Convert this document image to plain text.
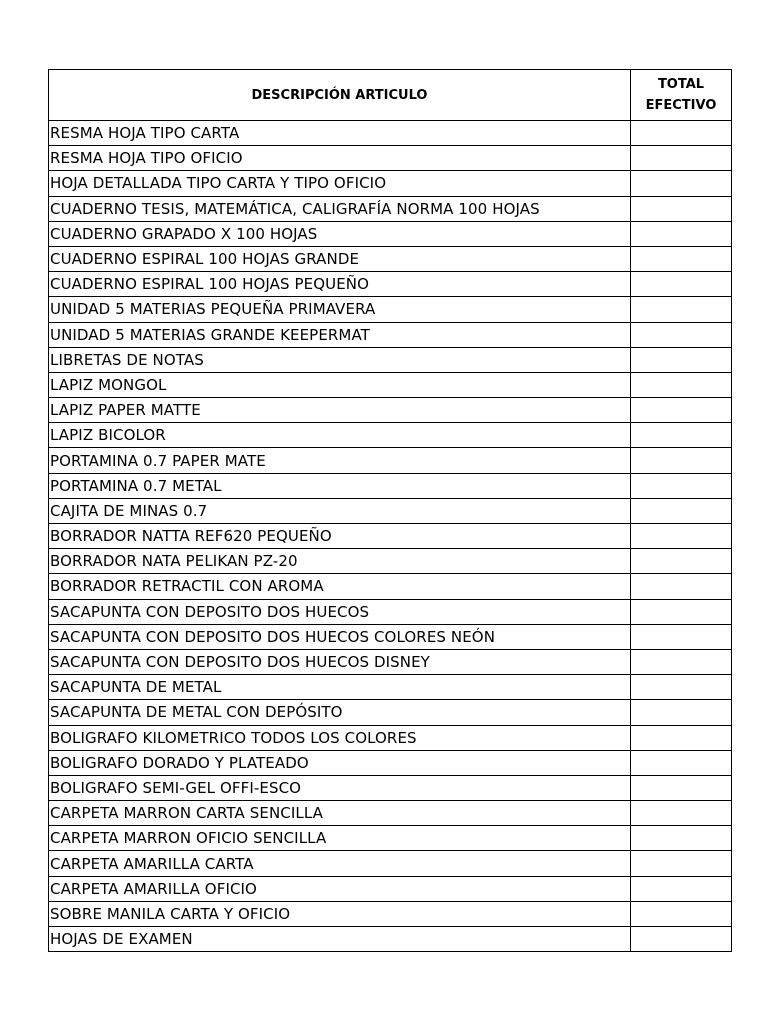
DESCRIPCIÓN ARTICULO	TOTAL
EFECTIVO

RESMA HOJA TIPO CARTA	
RESMA HOJA TIPO OFICIO	
HOJA DETALLADA TIPO CARTA Y TIPO OFICIO	
CUADERNO TESIS, MATEMÁTICA, CALIGRAFÍA NORMA 100 HOJAS	
CUADERNO GRAPADO X 100 HOJAS	
CUADERNO ESPIRAL 100 HOJAS GRANDE	
CUADERNO ESPIRAL 100 HOJAS PEQUEÑO	
UNIDAD 5 MATERIAS PEQUEÑA PRIMAVERA	
UNIDAD 5 MATERIAS GRANDE KEEPERMAT	
LIBRETAS DE NOTAS	
LAPIZ MONGOL	
LAPIZ PAPER MATTE	
LAPIZ BICOLOR	
PORTAMINA 0.7 PAPER MATE	
PORTAMINA 0.7 METAL	
CAJITA DE MINAS 0.7	
BORRADOR NATTA REF620 PEQUEÑO	
BORRADOR NATA PELIKAN PZ-20	
BORRADOR RETRACTIL CON AROMA	
SACAPUNTA CON DEPOSITO DOS HUECOS	
SACAPUNTA CON DEPOSITO DOS HUECOS COLORES NEÓN	
SACAPUNTA CON DEPOSITO DOS HUECOS DISNEY	
SACAPUNTA DE METAL	
SACAPUNTA DE METAL CON DEPÓSITO	
BOLIGRAFO KILOMETRICO TODOS LOS COLORES	
BOLIGRAFO DORADO Y PLATEADO	
BOLIGRAFO SEMI-GEL OFFI-ESCO	
CARPETA MARRON CARTA SENCILLA	
CARPETA MARRON OFICIO SENCILLA	
CARPETA AMARILLA CARTA	
CARPETA AMARILLA OFICIO	
SOBRE MANILA CARTA Y OFICIO	
HOJAS DE EXAMEN	
